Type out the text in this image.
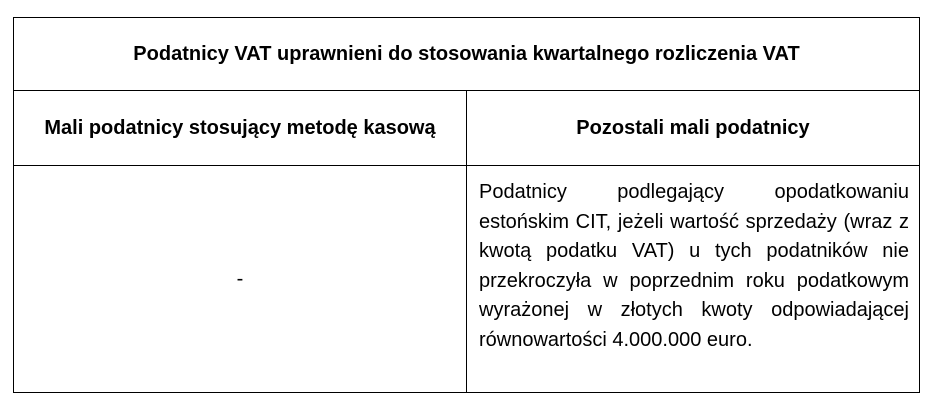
Podatnicy VAT uprawnieni do stosowania kwartalnego rozliczenia VAT	
Mali podatnicy stosujący metodę kasową	Pozostali mali podatnicy
-	Podatnicy podlegający opodatkowaniu estońskim CIT, jeżeli wartość sprzedaży (wraz z kwotą podatku VAT) u tych podatników nie przekroczyła w poprzednim roku podatkowym wyrażonej w złotych kwoty odpowiadającej równowartości 4.000.000 euro.
